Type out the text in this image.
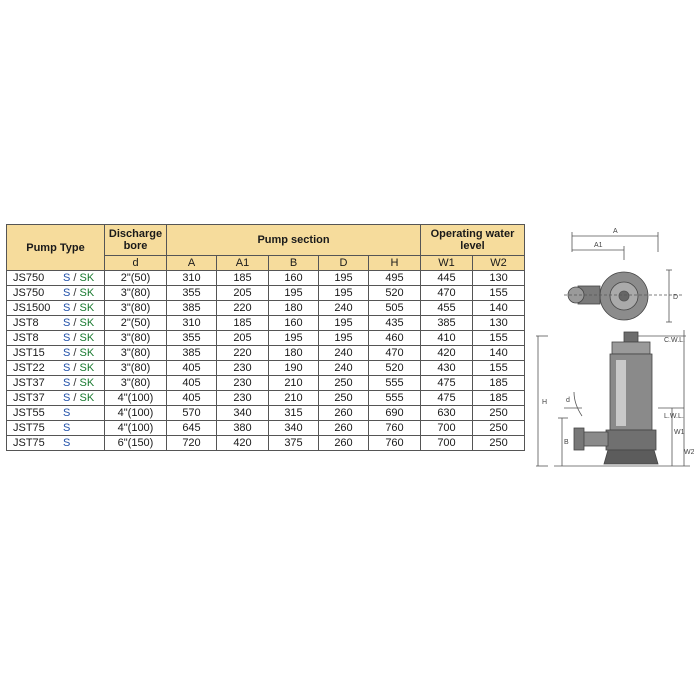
Pump Type	Discharge bore	Pump section					Operating water level	
	d	A	A1	B	D	H	W1	W2
JS750 S / SK	2"(50)	310	185	160	195	495	445	130
JS750 S / SK	3"(80)	355	205	195	195	520	470	155
JS1500 S / SK	3"(80)	385	220	180	240	505	455	140
JST8 S / SK	2"(50)	310	185	160	195	435	385	130
JST8 S / SK	3"(80)	355	205	195	195	460	410	155
JST15 S / SK	3"(80)	385	220	180	240	470	420	140
JST22 S / SK	3"(80)	405	230	190	240	520	430	155
JST37 S / SK	3"(80)	405	230	210	250	555	475	185
JST37 S / SK	4"(100)	405	230	210	250	555	475	185
JST55 S	4"(100)	570	340	315	260	690	630	250
JST75 S	4"(100)	645	380	340	260	760	700	250
JST75 S	6"(150)	720	420	375	260	760	700	250
A
A1
D
H
B
d
C.W.L.
L.W.L.
W1
W2
